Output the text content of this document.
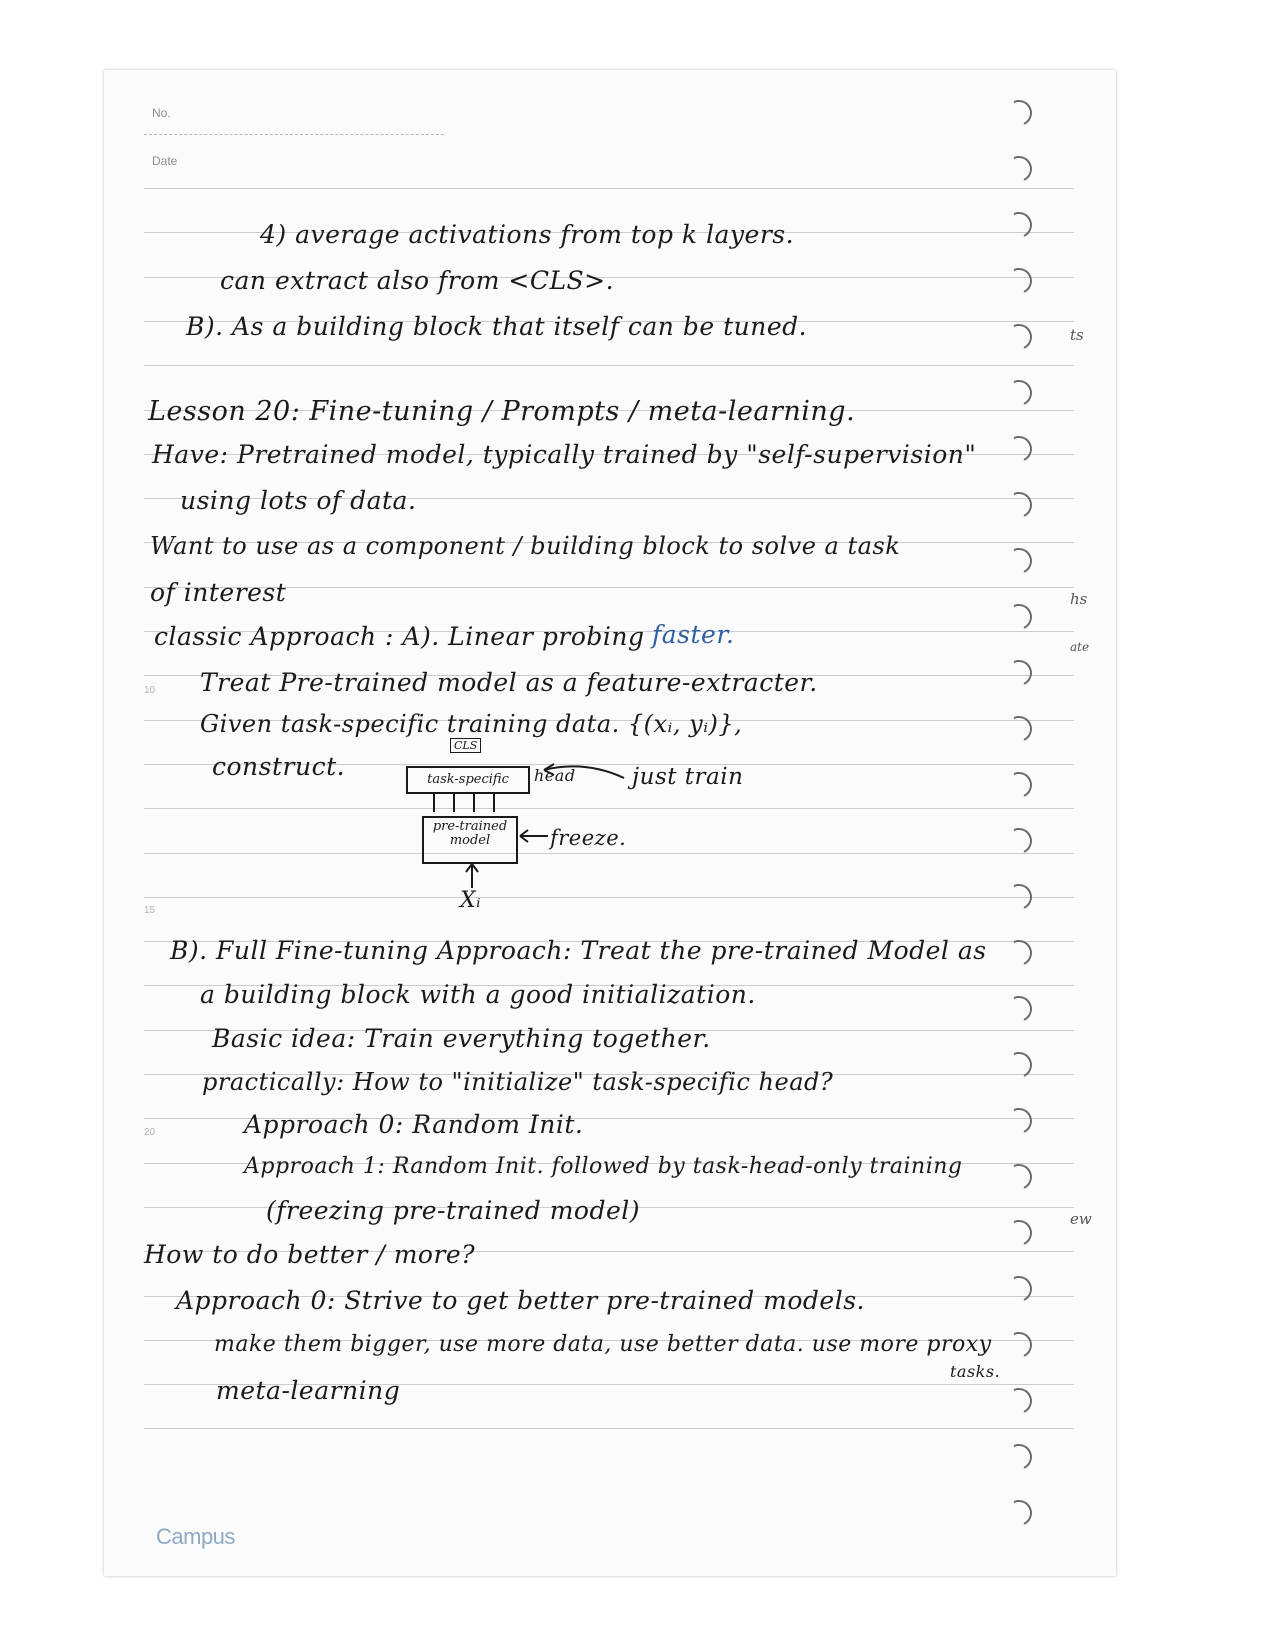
No.
Date
10
15
20
4) average activations from top k layers.
can extract also from <CLS>.
B). As a building block that itself can be tuned.
Lesson 20: Fine-tuning / Prompts / meta-learning.
Have: Pretrained model, typically trained by "self-supervision"
using lots of data.
Want to use as a component / building block to solve a task
of interest
classic Approach : A). Linear probing faster.
Treat Pre-trained model as a feature-extracter.
Given task-specific training data. {(xᵢ, yᵢ)},
construct.
CLS
task-specific	head just train
pre-trained
model	freeze.
Xᵢ
B). Full Fine-tuning Approach: Treat the pre-trained Model as
a building block with a good initialization.
Basic idea: Train everything together.
practically: How to "initialize" task-specific head?
Approach 0: Random Init.
Approach 1: Random Init. followed by task-head-only training
(freezing pre-trained model)
How to do better / more?
Approach 0: Strive to get better pre-trained models.
make them bigger, use more data, use better data. use more proxy
tasks.
meta-learning
Campus
ts
hs
ate
ew
